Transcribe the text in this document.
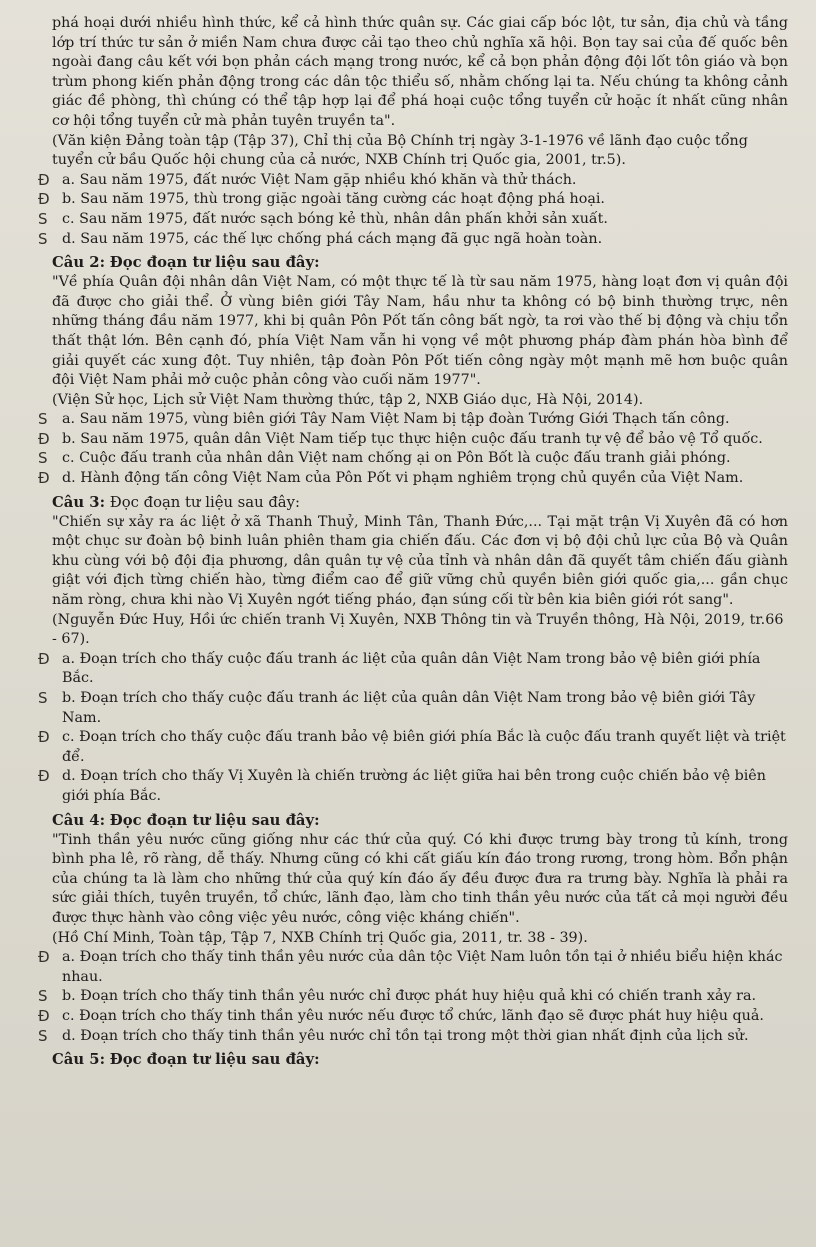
phá hoại dưới nhiều hình thức, kể cả hình thức quân sự. Các giai cấp bóc lột, tư sản, địa chủ và tầng lớp trí thức tư sản ở miền Nam chưa được cải tạo theo chủ nghĩa xã hội. Bọn tay sai của đế quốc bên ngoài đang câu kết với bọn phản cách mạng trong nước, kể cả bọn phản động đội lốt tôn giáo và bọn trùm phong kiến phản động trong các dân tộc thiểu số, nhằm chống lại ta. Nếu chúng ta không cảnh giác đề phòng, thì chúng có thể tập hợp lại để phá hoại cuộc tổng tuyển cử hoặc ít nhất cũng nhân cơ hội tổng tuyển cử mà phản tuyên truyền ta".

(Văn kiện Đảng toàn tập (Tập 37), Chỉ thị của Bộ Chính trị ngày 3-1-1976 về lãnh đạo cuộc tổng tuyển cử bầu Quốc hội chung của cả nước, NXB Chính trị Quốc gia, 2001, tr.5).

Đ a. Sau năm 1975, đất nước Việt Nam gặp nhiều khó khăn và thử thách.

Đ b. Sau năm 1975, thù trong giặc ngoài tăng cường các hoạt động phá hoại.

S	c. Sau năm 1975, đất nước sạch bóng kẻ thù, nhân dân phấn khởi sản xuất.

S	d. Sau năm 1975, các thế lực chống phá cách mạng đã gục ngã hoàn toàn.

Câu 2: Đọc đoạn tư liệu sau đây:

"Về phía Quân đội nhân dân Việt Nam, có một thực tế là từ sau năm 1975, hàng loạt đơn vị quân đội đã được cho giải thể. Ở vùng biên giới Tây Nam, hầu như ta không có bộ binh thường trực, nên những tháng đầu năm 1977, khi bị quân Pôn Pốt tấn công bất ngờ, ta rơi vào thế bị động và chịu tổn thất thật lớn. Bên cạnh đó, phía Việt Nam vẫn hi vọng về một phương pháp đàm phán hòa bình để giải quyết các xung đột. Tuy nhiên, tập đoàn Pôn Pốt tiến công ngày một mạnh mẽ hơn buộc quân đội Việt Nam phải mở cuộc phản công vào cuối năm 1977".

(Viện Sử học, Lịch sử Việt Nam thường thức, tập 2, NXB Giáo dục, Hà Nội, 2014).

S	a. Sau năm 1975, vùng biên giới Tây Nam Việt Nam bị tập đoàn Tướng Giới Thạch tấn công.

Đ b. Sau năm 1975, quân dân Việt Nam tiếp tục thực hiện cuộc đấu tranh tự vệ để bảo vệ Tổ quốc.

S	c. Cuộc đấu tranh của nhân dân Việt nam chống ại on Pôn Bốt là cuộc đấu tranh giải phóng.

Đ d. Hành động tấn công Việt Nam của Pôn Pốt vi phạm nghiêm trọng chủ quyền của Việt Nam.

Câu 3: Đọc đoạn tư liệu sau đây:

"Chiến sự xảy ra ác liệt ở xã Thanh Thuỷ, Minh Tân, Thanh Đức,... Tại mặt trận Vị Xuyên đã có hơn một chục sư đoàn bộ binh luân phiên tham gia chiến đấu. Các đơn vị bộ đội chủ lực của Bộ và Quân khu cùng với bộ đội địa phương, dân quân tự vệ của tỉnh và nhân dân đã quyết tâm chiến đấu giành giật với địch từng chiến hào, từng điểm cao để giữ vững chủ quyền biên giới quốc gia,... gần chục năm ròng, chưa khi nào Vị Xuyên ngớt tiếng pháo, đạn súng cối từ bên kia biên giới rót sang".

(Nguyễn Đức Huy, Hồi ức chiến tranh Vị Xuyên, NXB Thông tin và Truyền thông, Hà Nội, 2019, tr.66 - 67).

Đ a. Đoạn trích cho thấy cuộc đấu tranh ác liệt của quân dân Việt Nam trong bảo vệ biên giới phía Bắc.

S	b. Đoạn trích cho thấy cuộc đấu tranh ác liệt của quân dân Việt Nam trong bảo vệ biên giới Tây Nam.

Đ c. Đoạn trích cho thấy cuộc đấu tranh bảo vệ biên giới phía Bắc là cuộc đấu tranh quyết liệt và triệt để.

Đ d. Đoạn trích cho thấy Vị Xuyên là chiến trường ác liệt giữa hai bên trong cuộc chiến bảo vệ biên giới phía Bắc.

Câu 4: Đọc đoạn tư liệu sau đây:

"Tinh thần yêu nước cũng giống như các thứ của quý. Có khi được trưng bày trong tủ kính, trong bình pha lê, rõ ràng, dễ thấy. Nhưng cũng có khi cất giấu kín đáo trong rương, trong hòm. Bổn phận của chúng ta là làm cho những thứ của quý kín đáo ấy đều được đưa ra trưng bày. Nghĩa là phải ra sức giải thích, tuyên truyền, tổ chức, lãnh đạo, làm cho tinh thần yêu nước của tất cả mọi người đều được thực hành vào công việc yêu nước, công việc kháng chiến".

(Hồ Chí Minh, Toàn tập, Tập 7, NXB Chính trị Quốc gia, 2011, tr. 38 - 39).

Đ a. Đoạn trích cho thấy tinh thần yêu nước của dân tộc Việt Nam luôn tồn tại ở nhiều biểu hiện khác nhau.

S	b. Đoạn trích cho thấy tinh thần yêu nước chỉ được phát huy hiệu quả khi có chiến tranh xảy ra.

Đ c. Đoạn trích cho thấy tinh thần yêu nước nếu được tổ chức, lãnh đạo sẽ được phát huy hiệu quả.

S	d. Đoạn trích cho thấy tinh thần yêu nước chỉ tồn tại trong một thời gian nhất định của lịch sử.

Câu 5: Đọc đoạn tư liệu sau đây:
